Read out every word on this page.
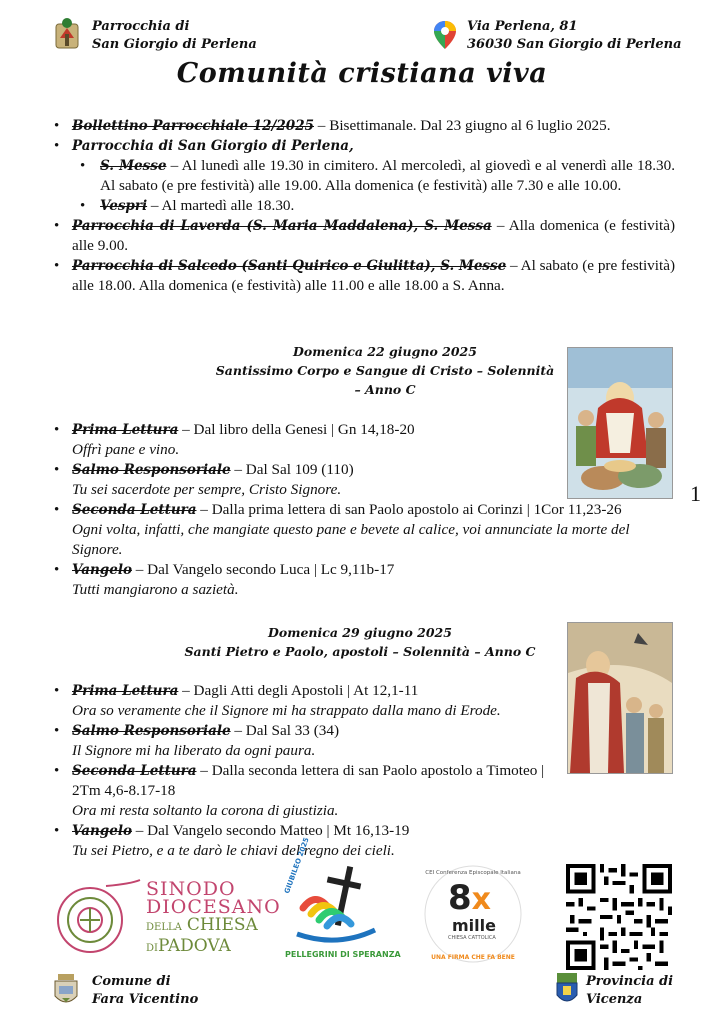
Parrocchia di
San Giorgio di Perlena
Via Perlena, 81
36030 San Giorgio di Perlena
Comunità cristiana viva
• Bollettino Parrocchiale 12/2025 – Bisettimanale. Dal 23 giugno al 6 luglio 2025.
• Parrocchia di San Giorgio di Perlena,
• S. Messe – Al lunedì alle 19.30 in cimitero. Al mercoledì, al giovedì e al venerdì alle 18.30. Al sabato (e pre festività) alle 19.00. Alla domenica (e festività) alle 7.30 e alle 10.00.
• Vespri – Al martedì alle 18.30.
• Parrocchia di Laverda (S. Maria Maddalena), S. Messa – Alla domenica (e festività) alle 9.00.
• Parrocchia di Salcedo (Santi Quirico e Giulitta), S. Messe – Al sabato (e pre festività) alle 18.00. Alla domenica (e festività) alle 11.00 e alle 18.00 a S. Anna.
Domenica 22 giugno 2025
Santissimo Corpo e Sangue di Cristo – Solennità
– Anno C
• Prima Lettura – Dal libro della Genesi | Gn 14,18-20
Offrì pane e vino.
• Salmo Responsoriale – Dal Sal 109 (110)
Tu sei sacerdote per sempre, Cristo Signore.
• Seconda Lettura – Dalla prima lettera di san Paolo apostolo ai Corinzi | 1Cor 11,23-26
Ogni volta, infatti, che mangiate questo pane e bevete al calice, voi annunciate la morte del Signore.
• Vangelo – Dal Vangelo secondo Luca | Lc 9,11b-17
Tutti mangiarono a sazietà.
1
Domenica 29 giugno 2025
Santi Pietro e Paolo, apostoli – Solennità – Anno C
• Prima Lettura – Dagli Atti degli Apostoli | At 12,1-11
Ora so veramente che il Signore mi ha strappato dalla mano di Erode.
• Salmo Responsoriale – Dal Sal 33 (34)
Il Signore mi ha liberato da ogni paura.
• Seconda Lettura – Dalla seconda lettera di san Paolo apostolo a Timoteo | 2Tm 4,6-8.17-18
Ora mi resta soltanto la corona di giustizia.
• Vangelo – Dal Vangelo secondo Matteo | Mt 16,13-19
Tu sei Pietro, e a te darò le chiavi del regno dei cieli.
SINODO
DIOCESANO
DELLA CHIESA
DIPADOVA
GIUBILEO 2025
PELLEGRINI DI SPERANZA
CEI Conferenza Episcopale Italiana
8x
mille
CHIESA CATTOLICA
UNA FIRMA CHE FA BENE
Comune di
Fara Vicentino
Provincia di
Vicenza
